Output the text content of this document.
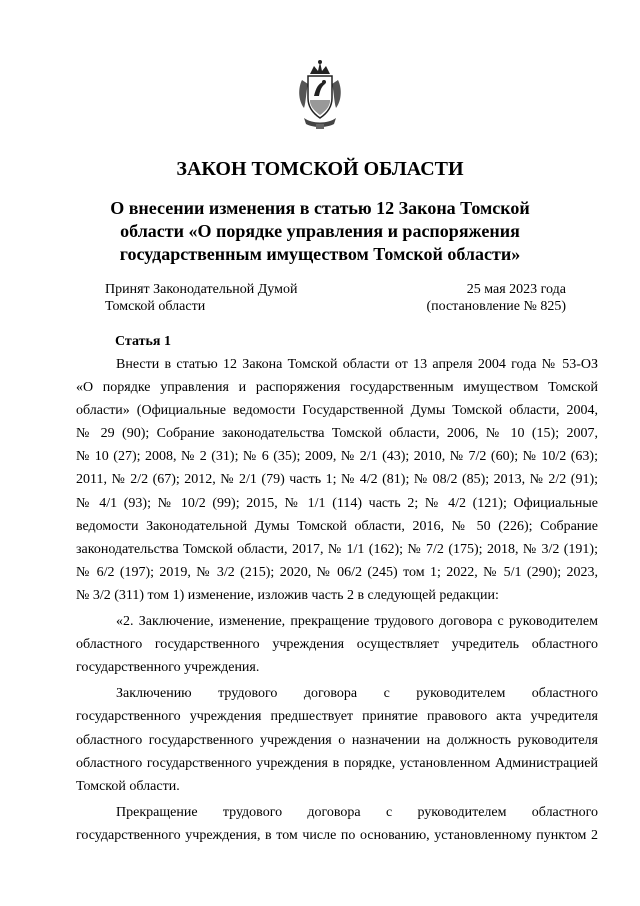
ЗАКОН ТОМСКОЙ ОБЛАСТИ
О внесении изменения в статью 12 Закона Томской
области «О порядке управления и распоряжения
государственным имуществом Томской области»
Принят Законодательной Думой
Томской области
25 мая 2023 года
(постановление № 825)
Статья 1
Внести в статью 12 Закона Томской области от 13 апреля 2004 года № 53-ОЗ
«О порядке управления и распоряжения государственным имуществом Томской
области» (Официальные ведомости Государственной Думы Томской области, 2004,
№ 29 (90); Собрание законодательства Томской области, 2006, № 10 (15); 2007,
№ 10 (27); 2008, № 2 (31); № 6 (35); 2009, № 2/1 (43); 2010, № 7/2 (60); № 10/2 (63);
2011, № 2/2 (67); 2012, № 2/1 (79) часть 1; № 4/2 (81); № 08/2 (85); 2013, № 2/2 (91);
№ 4/1 (93); № 10/2 (99); 2015, № 1/1 (114) часть 2; № 4/2 (121); Официальные
ведомости Законодательной Думы Томской области, 2016, № 50 (226); Собрание
законодательства Томской области, 2017, № 1/1 (162); № 7/2 (175); 2018, № 3/2 (191);
№ 6/2 (197); 2019, № 3/2 (215); 2020, № 06/2 (245) том 1; 2022, № 5/1 (290); 2023,
№ 3/2 (311) том 1) изменение, изложив часть 2 в следующей редакции:
«2. Заключение, изменение, прекращение трудового договора с руководителем
областного государственного учреждения осуществляет учредитель областного
государственного учреждения.
Заключению трудового договора с руководителем областного
государственного учреждения предшествует принятие правового акта учредителя
областного государственного учреждения о назначении на должность руководителя
областного государственного учреждения в порядке, установленном Администрацией
Томской области.
Прекращение трудового договора с руководителем областного
государственного учреждения, в том числе по основанию, установленному пунктом 2
